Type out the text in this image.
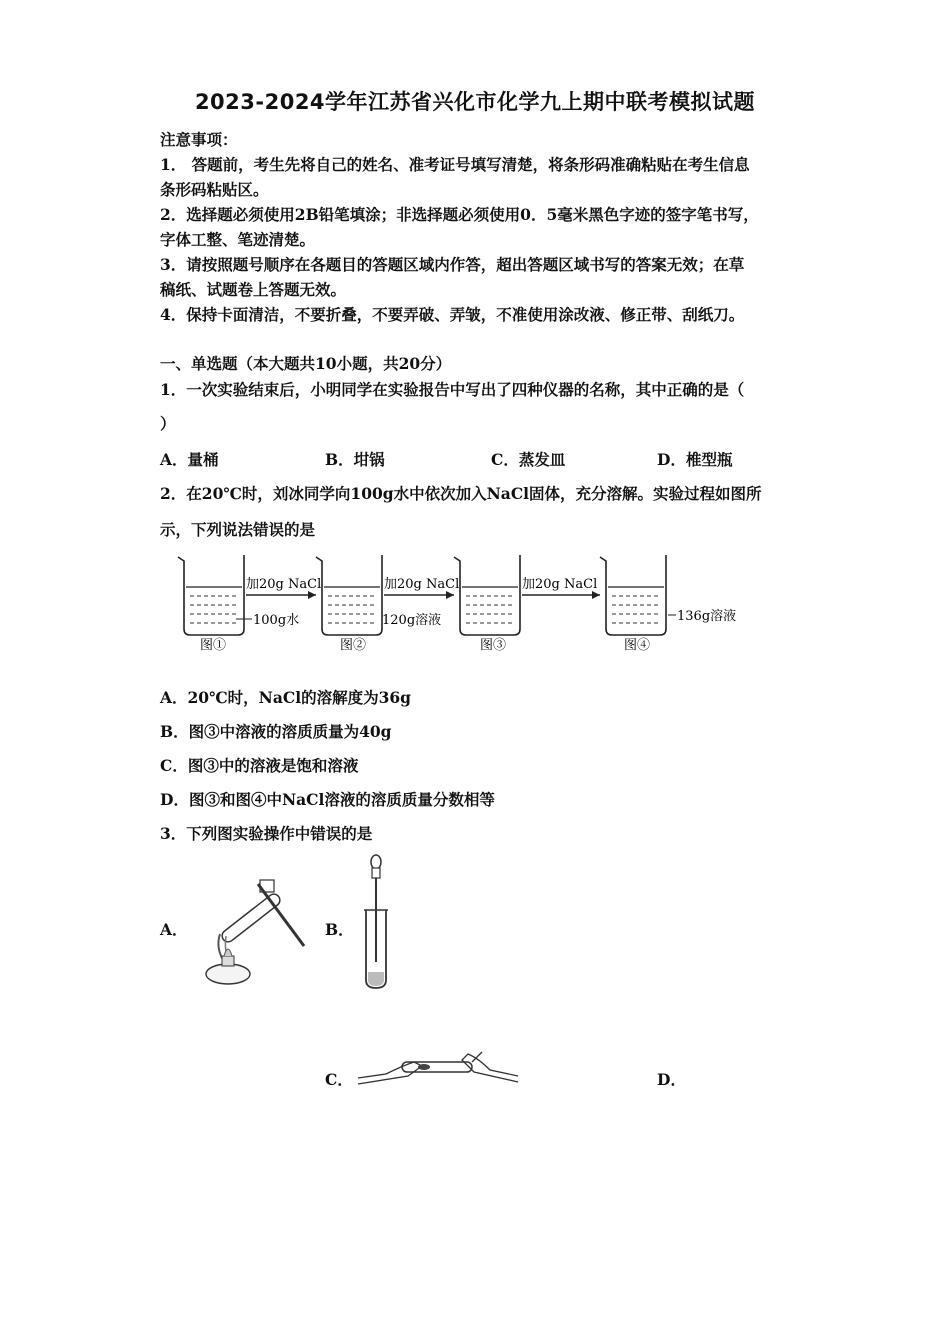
2023-2024学年江苏省兴化市化学九上期中联考模拟试题
注意事项：
1． 答题前，考生先将自己的姓名、准考证号填写清楚，将条形码准确粘贴在考生信息
条形码粘贴区。
2．选择题必须使用2B铅笔填涂；非选择题必须使用0．5毫米黑色字迹的签字笔书写，
字体工整、笔迹清楚。
3．请按照题号顺序在各题目的答题区域内作答，超出答题区域书写的答案无效；在草
稿纸、试题卷上答题无效。
4．保持卡面清洁，不要折叠，不要弄破、弄皱，不准使用涂改液、修正带、刮纸刀。
一、单选题（本大题共10小题，共20分）
1．一次实验结束后，小明同学在实验报告中写出了四种仪器的名称，其中正确的是（
）
A．量桶	B．坩锅	C．蒸发皿	D．椎型瓶
2．在20℃时，刘冰同学向100g水中依次加入NaCl固体，充分溶解。实验过程如图所
示，下列说法错误的是
加20g NaCl	加20g NaCl	加20g NaCl
100g水	120g溶液	136g溶液
图①	图②	图③	图④
A．20℃时，NaCl的溶解度为36g
B．图③中溶液的溶质质量为40g
C．图③中的溶液是饱和溶液
D．图③和图④中NaCl溶液的溶质质量分数相等
3．下列图实验操作中错误的是
A．	B．
C．	D．
